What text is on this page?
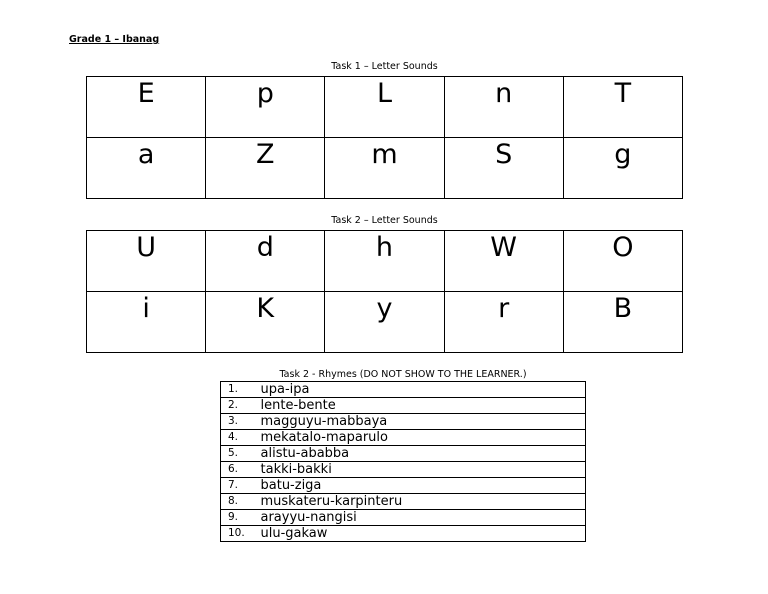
Grade 1 – Ibanag
Task 1 – Letter Sounds
E	p	L	n	T
a	Z	m	S	g
Task 2 – Letter Sounds
U	d	h	W	O
i	K	y	r	B
Task 2 - Rhymes (DO NOT SHOW TO THE LEARNER.)
1.	upa-ipa
2.	lente-bente
3.	magguyu-mabbaya
4.	mekatalo-maparulo
5.	alistu-ababba
6.	takki-bakki
7.	batu-ziga
8.	muskateru-karpinteru
9.	arayyu-nangisi
10.	ulu-gakaw
